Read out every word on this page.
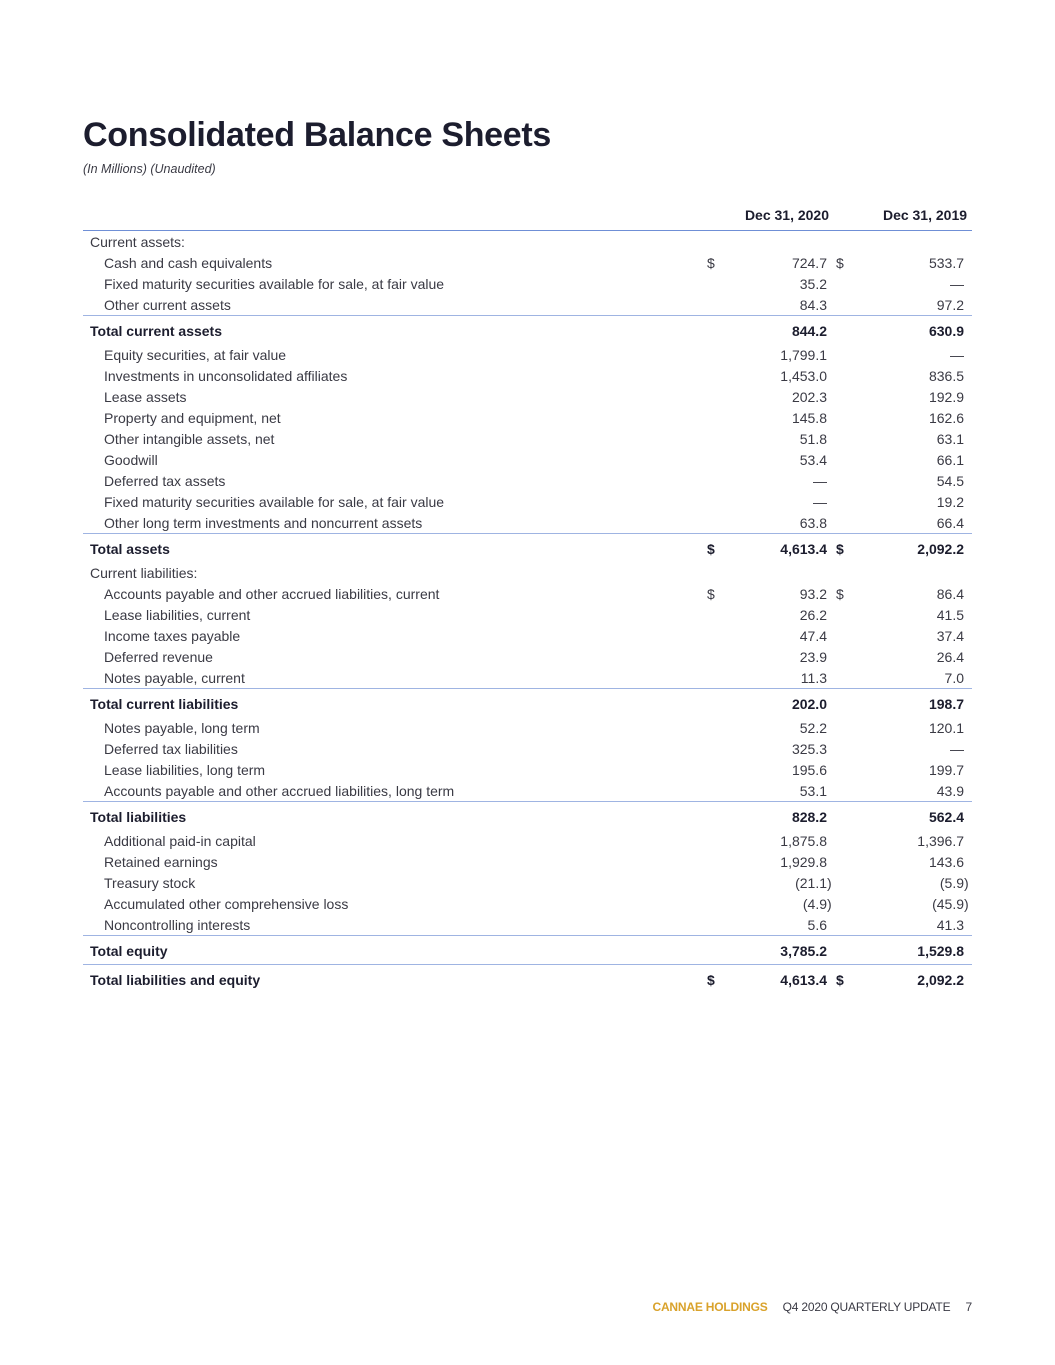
Consolidated Balance Sheets
(In Millions) (Unaudited)
	Dec 31, 2020			Dec 31, 2019		
Current assets:						
Cash and cash equivalents	$	724.7		$	533.7	
Fixed maturity securities available for sale, at fair value		35.2			—	
Other current assets		84.3			97.2	
Total current assets		844.2			630.9	
Equity securities, at fair value		1,799.1			—	
Investments in unconsolidated affiliates		1,453.0			836.5	
Lease assets		202.3			192.9	
Property and equipment, net		145.8			162.6	
Other intangible assets, net		51.8			63.1	
Goodwill		53.4			66.1	
Deferred tax assets		—			54.5	
Fixed maturity securities available for sale, at fair value		—			19.2	
Other long term investments and noncurrent assets		63.8			66.4	
Total assets	$	4,613.4		$	2,092.2	
Current liabilities:						
Accounts payable and other accrued liabilities, current	$	93.2		$	86.4	
Lease liabilities, current		26.2			41.5	
Income taxes payable		47.4			37.4	
Deferred revenue		23.9			26.4	
Notes payable, current		11.3			7.0	
Total current liabilities		202.0			198.7	
Notes payable, long term		52.2			120.1	
Deferred tax liabilities		325.3			—	
Lease liabilities, long term		195.6			199.7	
Accounts payable and other accrued liabilities, long term		53.1			43.9	
Total liabilities		828.2			562.4	
Additional paid-in capital		1,875.8			1,396.7	
Retained earnings		1,929.8			143.6	
Treasury stock		(21.1	)		(5.9	)
Accumulated other comprehensive loss		(4.9	)		(45.9	)
Noncontrolling interests		5.6			41.3	
Total equity		3,785.2			1,529.8	
Total liabilities and equity	$	4,613.4		$	2,092.2	
CANNAE HOLDINGS Q4 2020 QUARTERLY UPDATE 7
